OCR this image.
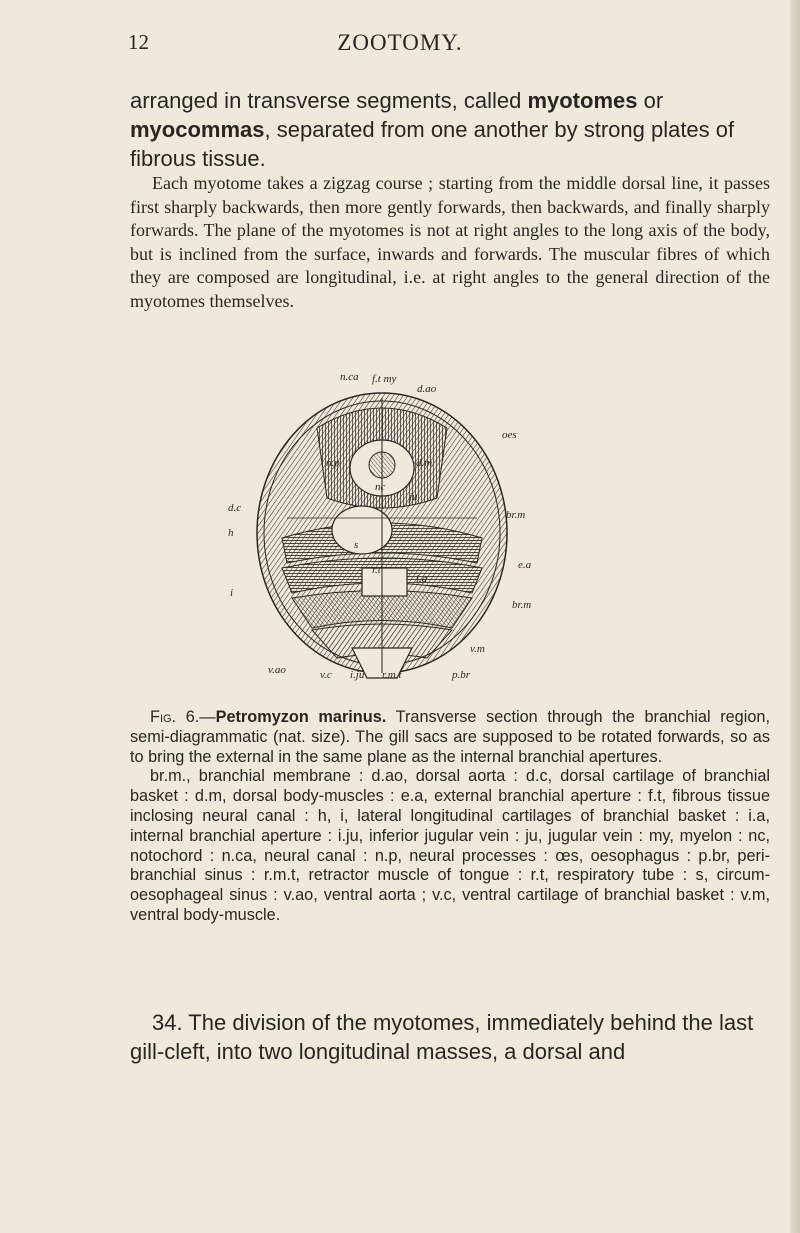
12	ZOOTOMY.

arranged in transverse segments, called myotomes or myocommas, separated from one another by strong plates of fibrous tissue.

Each myotome takes a zigzag course ; starting from the middle dorsal line, it passes first sharply backwards, then more gently forwards, then backwards, and finally sharply forwards. The plane of the myotomes is not at right angles to the long axis of the body, but is inclined from the surface, inwards and forwards. The muscular fibres of which they are composed are longitudinal, i.e. at right angles to the general direction of the myotomes themselves.

n.ca f.t my
d.ao
oes
n.p	d.m
nc
ju
d.c
br.m
h
s
r.t	e.a
i.a
i
br.m
v.m
v.ao	v.c i.ju r.m.t	p.br
Fig. 6.—Petromyzon marinus. Transverse section through the branchial region, semi-diagrammatic (nat. size). The gill sacs are supposed to be rotated forwards, so as to bring the external in the same plane as the internal branchial apertures.
br.m., branchial membrane : d.ao, dorsal aorta : d.c, dorsal cartilage of branchial basket : d.m, dorsal body-muscles : e.a, external branchial aperture : f.t, fibrous tissue inclosing neural canal : h, i, lateral longitudinal cartilages of branchial basket : i.a, internal branchial aperture : i.ju, inferior jugular vein : ju, jugular vein : my, myelon : nc, notochord : n.ca, neural canal : n.p, neural processes : œs, oesophagus : p.br, peri-branchial sinus : r.m.t, retractor muscle of tongue : r.t, respiratory tube : s, circum-oesophageal sinus : v.ao, ventral aorta ; v.c, ventral cartilage of branchial basket : v.m, ventral body-muscle.

34. The division of the myotomes, immediately behind the last gill-cleft, into two longitudinal masses, a dorsal and
